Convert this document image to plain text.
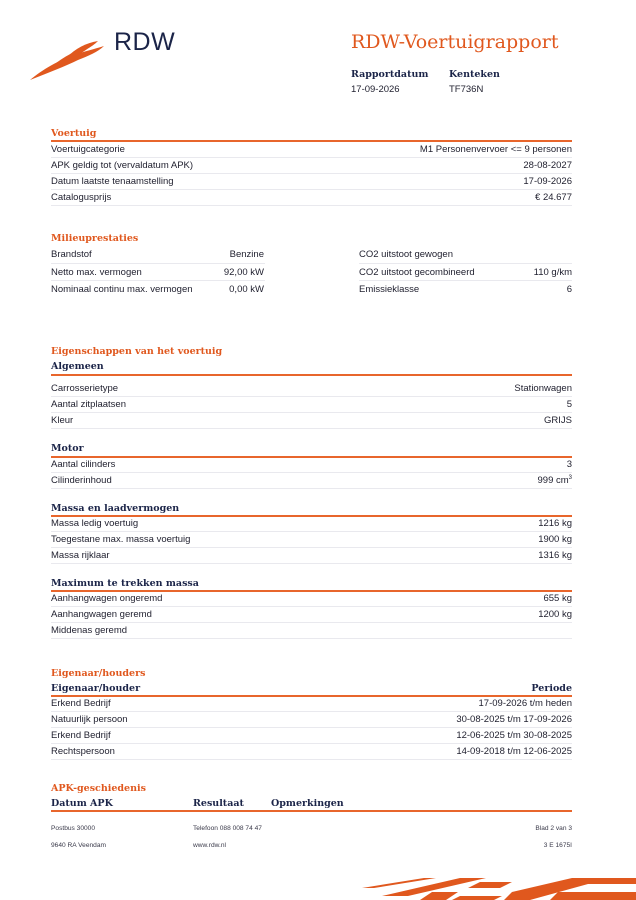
RDW	RDW-Voertuigrapport
Rapportdatum
17-09-2026
Kenteken
TF736N
Voertuig
Voertuigcategorie	M1 Personenvervoer <= 9 personen
APK geldig tot (vervaldatum APK)	28-08-2027
Datum laatste tenaamstelling	17-09-2026
Catalogusprijs	€ 24.677
Milieuprestaties
Brandstof	Benzine	CO2 uitstoot gewogen
Netto max. vermogen	92,00 kW	CO2 uitstoot gecombineerd	110 g/km
Nominaal continu max. vermogen	0,00 kW	Emissieklasse	6
Eigenschappen van het voertuig
Algemeen
Carrosserietype	Stationwagen
Aantal zitplaatsen	5
Kleur	GRIJS
Motor
Aantal cilinders	3
Cilinderinhoud	999 $cm^3$
Massa en laadvermogen
Massa ledig voertuig	1216 kg
Toegestane max. massa voertuig	1900 kg
Massa rijklaar	1316 kg
Maximum te trekken massa
Aanhangwagen ongeremd	655 kg
Aanhangwagen geremd	1200 kg
Middenas geremd
Eigenaar/houders
Eigenaar/houder	Periode
Erkend Bedrijf	17-09-2026 t/m heden
Natuurlijk persoon	30-08-2025 t/m 17-09-2026
Erkend Bedrijf	12-06-2025 t/m 30-08-2025
Rechtspersoon	14-09-2018 t/m 12-06-2025
APK-geschiedenis
Datum APK	Resultaat	Opmerkingen
Postbus 30000
9640 RA Veendam
Telefoon 088 008 74 47
www.rdw.nl
Blad 2 van 3
3 E 1675I
